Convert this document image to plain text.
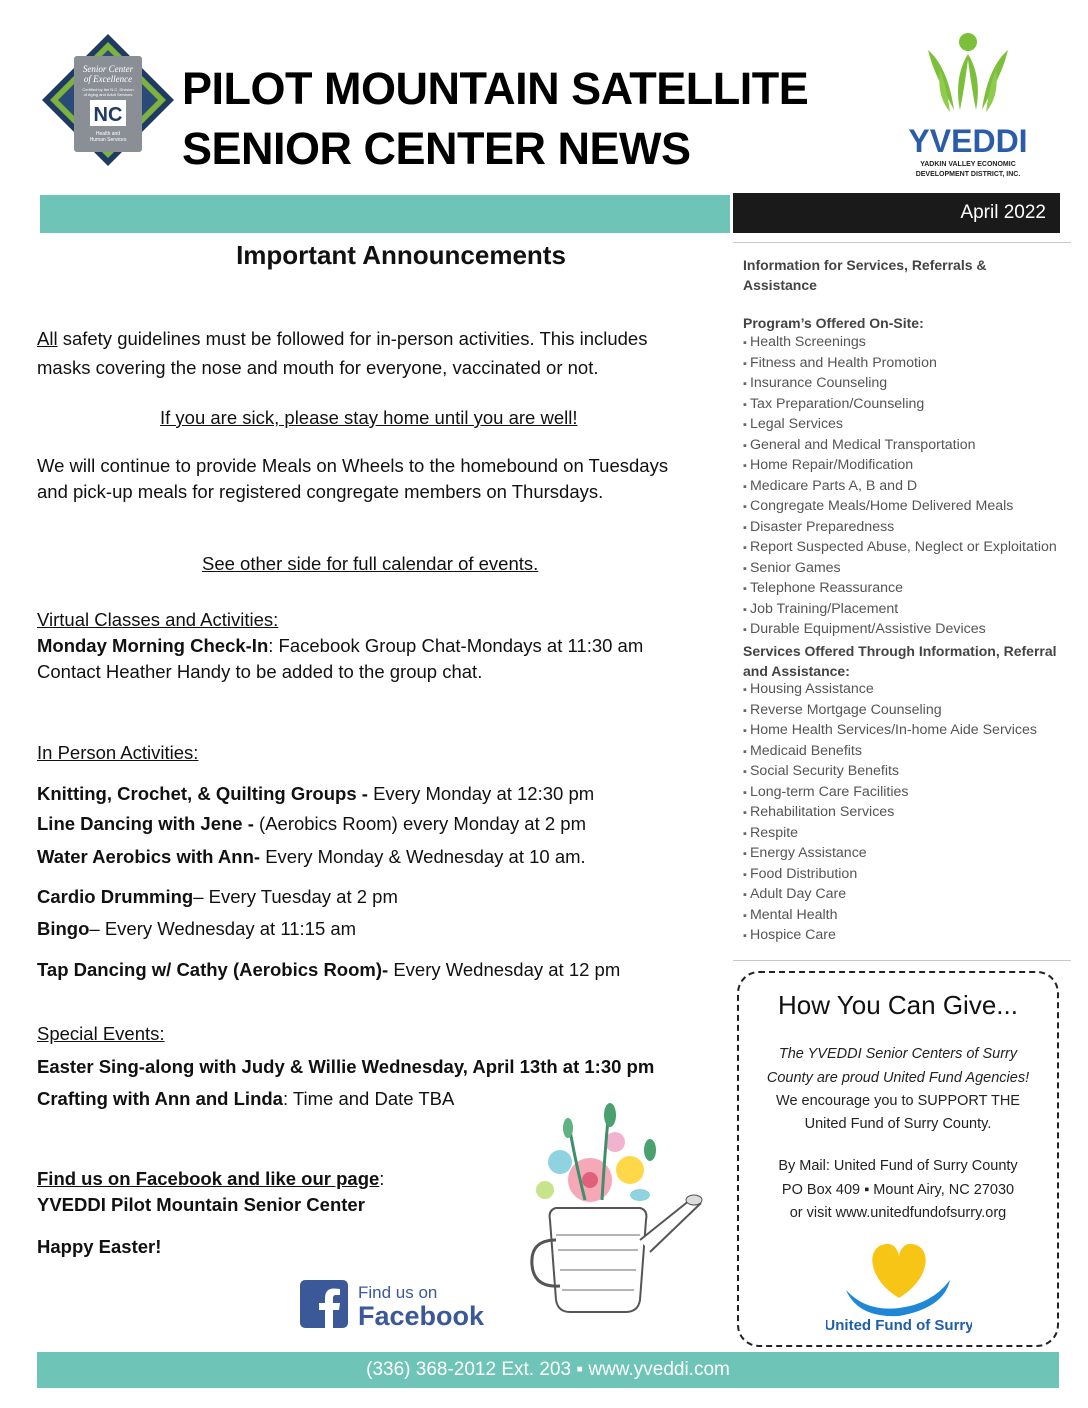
Senior Center
of Excellence
Certified by the N.C. Division
of Aging and Adult Services
NC
Health and
Human Services
PILOT MOUNTAIN SATELLITE
SENIOR CENTER NEWS	YVEDDI
YADKIN VALLEY ECONOMIC
DEVELOPMENT DISTRICT, INC.
April 2022
Important Announcements
All safety guidelines must be followed for in-person activities. This includes
masks covering the nose and mouth for everyone, vaccinated or not.
If you are sick, please stay home until you are well!
We will continue to provide Meals on Wheels to the homebound on Tuesdays
and pick-up meals for registered congregate members on Thursdays.
See other side for full calendar of events.
Virtual Classes and Activities:
Monday Morning Check-In: Facebook Group Chat-Mondays at 11:30 am
Contact Heather Handy to be added to the group chat.
In Person Activities:
Knitting, Crochet, & Quilting Groups - Every Monday at 12:30 pm
Line Dancing with Jene - (Aerobics Room) every Monday at 2 pm
Water Aerobics with Ann- Every Monday & Wednesday at 10 am.
Cardio Drumming– Every Tuesday at 2 pm
Bingo– Every Wednesday at 11:15 am
Tap Dancing w/ Cathy (Aerobics Room)- Every Wednesday at 12 pm
Special Events:
Easter Sing-along with Judy & Willie Wednesday, April 13th at 1:30 pm
Crafting with Ann and Linda: Time and Date TBA
Find us on Facebook and like our page:
YVEDDI Pilot Mountain Senior Center
Happy Easter!
Find us on
Facebook
Information for Services, Referrals & Assistance
Program’s Offered On-Site:
▪ Health Screenings
▪ Fitness and Health Promotion
▪ Insurance Counseling
▪ Tax Preparation/Counseling
▪ Legal Services
▪ General and Medical Transportation
▪ Home Repair/Modification
▪ Medicare Parts A, B and D
▪ Congregate Meals/Home Delivered Meals
▪ Disaster Preparedness
▪ Report Suspected Abuse, Neglect or Exploitation
▪ Senior Games
▪ Telephone Reassurance
▪ Job Training/Placement
▪ Durable Equipment/Assistive Devices
Services Offered Through Information, Referral and Assistance:
▪ Housing Assistance
▪ Reverse Mortgage Counseling
▪ Home Health Services/In-home Aide Services
▪ Medicaid Benefits
▪ Social Security Benefits
▪ Long-term Care Facilities
▪ Rehabilitation Services
▪ Respite
▪ Energy Assistance
▪ Food Distribution
▪ Adult Day Care
▪ Mental Health
▪ Hospice Care
How You Can Give...
The YVEDDI Senior Centers of Surry
County are proud United Fund Agencies!
We encourage you to SUPPORT THE
United Fund of Surry County.
By Mail: United Fund of Surry County
PO Box 409 ▪ Mount Airy, NC 27030
or visit www.unitedfundofsurry.org
United Fund of Surry
(336) 368-2012 Ext. 203 ▪ www.yveddi.com
